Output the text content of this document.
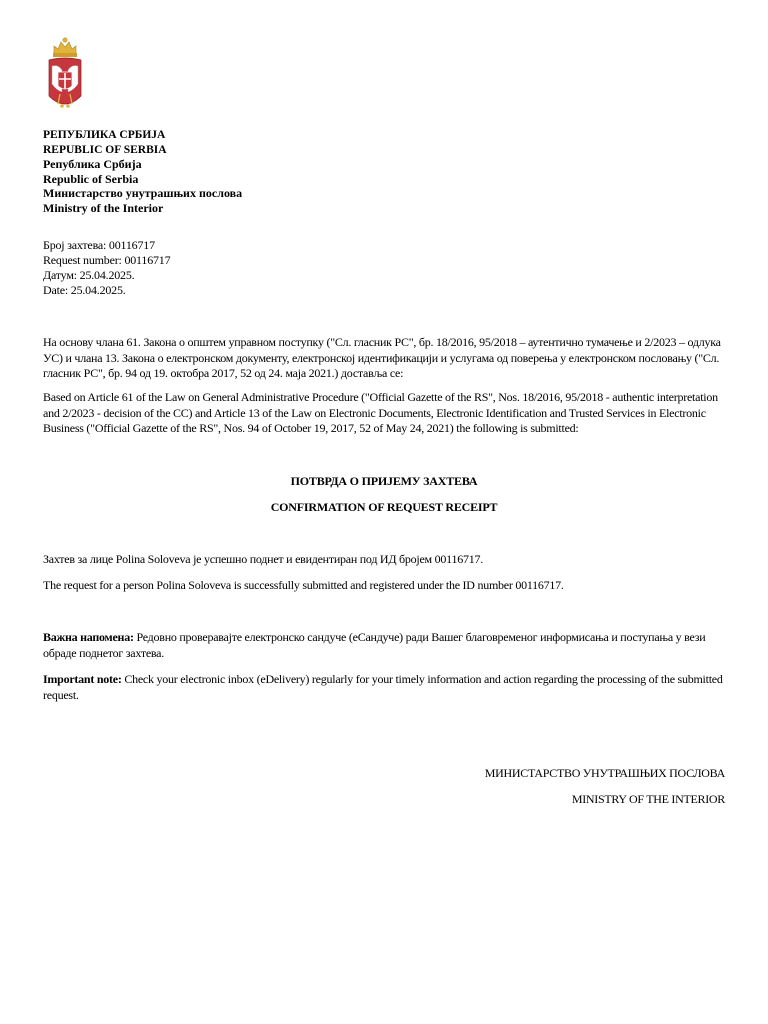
РЕПУБЛИКА СРБИЈА
REPUBLIC OF SERBIA
Република Србија
Republic of Serbia
Министарство унутрашњих послова
Ministry of the Interior
Број захтева: 00116717
Request number: 00116717
Датум: 25.04.2025.
Date: 25.04.2025.
На основу члана 61. Закона о општем управном поступку ("Сл. гласник РС", бр. 18/2016, 95/2018 – аутентично тумачење и 2/2023 – одлука УС) и члана 13. Закона о електронском документу, електронској идентификацији и услугама од поверења у електронском пословању ("Сл. гласник РС", бр. 94 од 19. октобра 2017, 52 од 24. маја 2021.) доставља се:
Based on Article 61 of the Law on General Administrative Procedure ("Official Gazette of the RS", Nos. 18/2016, 95/2018 - authentic interpretation and 2/2023 - decision of the CC) and Article 13 of the Law on Electronic Documents, Electronic Identification and Trusted Services in Electronic Business ("Official Gazette of the RS", Nos. 94 of October 19, 2017, 52 of May 24, 2021) the following is submitted:
ПОТВРДА О ПРИЈЕМУ ЗАХТЕВА
CONFIRMATION OF REQUEST RECEIPT
Захтев за лице Polina Soloveva је успешно поднет и евидентиран под ИД бројем 00116717.
The request for a person Polina Soloveva is successfully submitted and registered under the ID number 00116717.
Важна напомена: Редовно проверавајте електронско сандуче (еСандуче) ради Вашег благовременог информисања и поступања у вези обраде поднетог захтева.
Important note: Check your electronic inbox (eDelivery) regularly for your timely information and action regarding the processing of the submitted request.
МИНИСТАРСТВО УНУТРАШЊИХ ПОСЛОВА
MINISTRY OF THE INTERIOR
